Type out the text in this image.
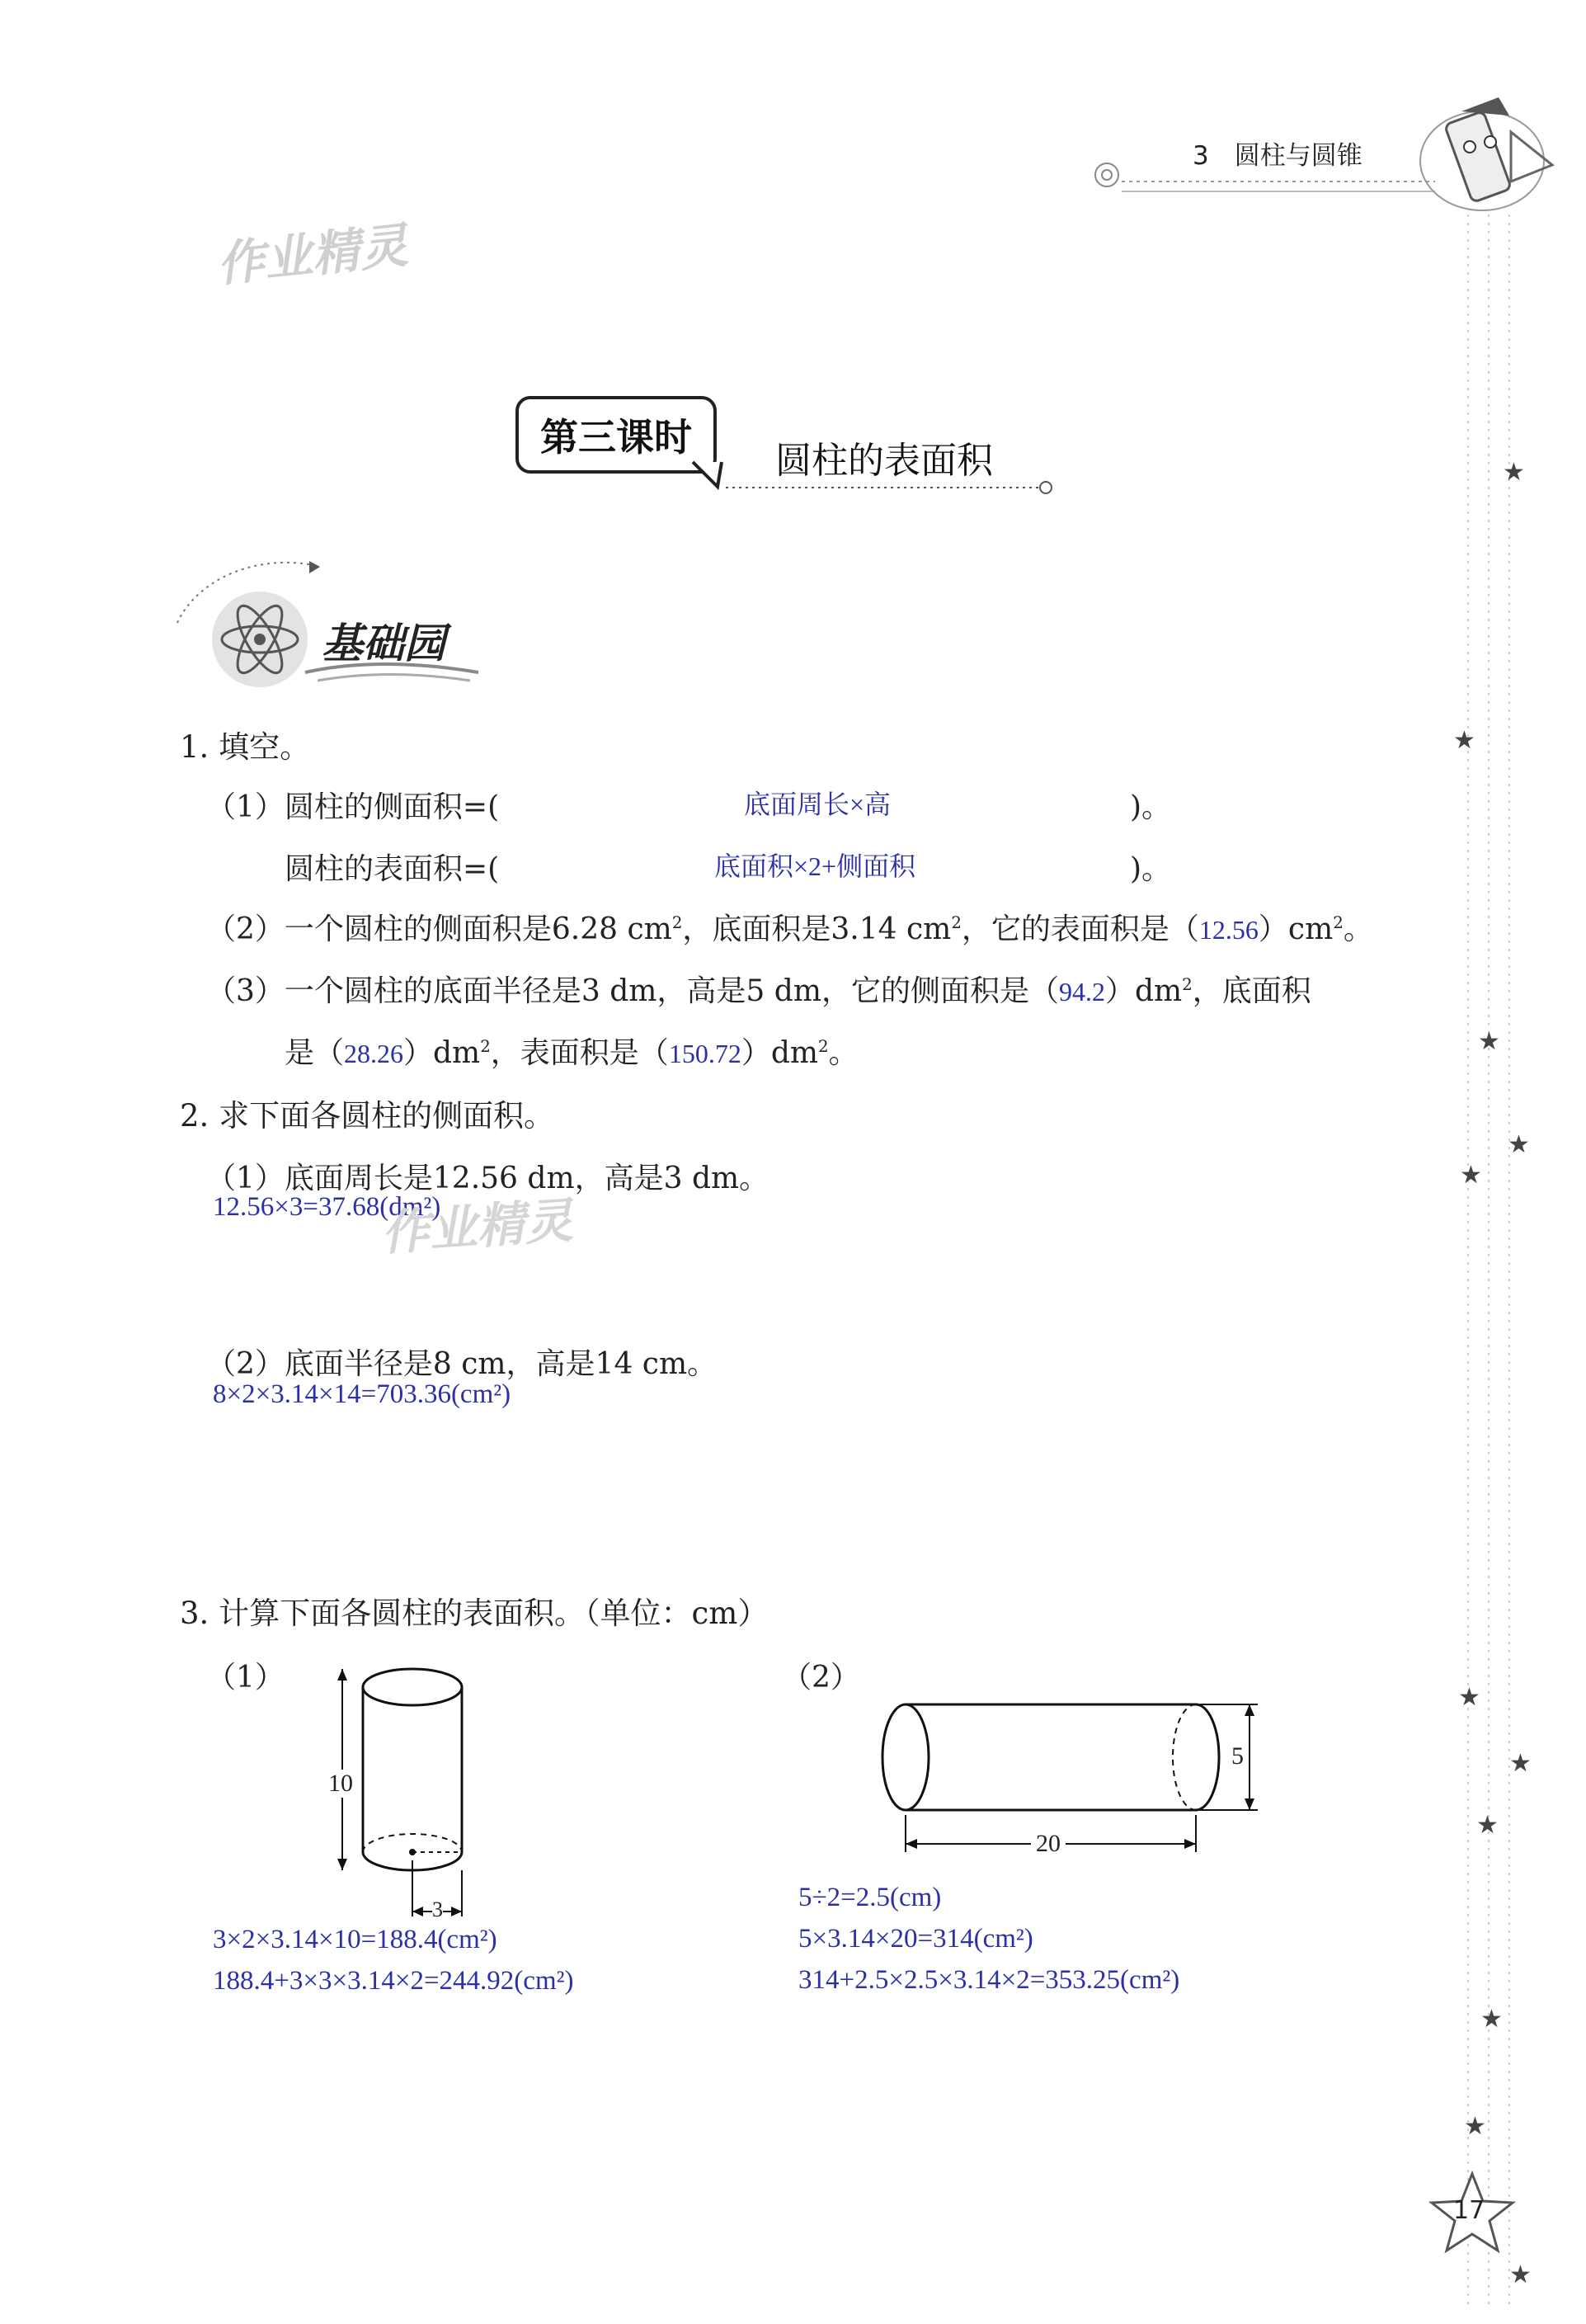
3　圆柱与圆锥
★
★
★
★
★
★
★
★
★
★
★
作业精灵
第三课时
圆柱的表面积
基础园
1. 填空。
（1）圆柱的侧面积=(	底面周长×高	)。
圆柱的表面积=(	底面积×2+侧面积	)。
（2）一个圆柱的侧面积是6.28 $cm^2$，底面积是3.14 $cm^2$，它的表面积是$(12.56)cm^2$。
（3）一个圆柱的底面半径是3 dm，高是5 dm，它的侧面积是$(94.2)dm^2$，底面积
是$(28.26)dm^2$，表面积是$(150.72)dm^2$。
2. 求下面各圆柱的侧面积。
（1）底面周长是12.56 dm，高是3 dm。
12.56×3=37.68(dm²)
作业精灵
（2）底面半径是8 cm，高是14 cm。
8×2×3.14×14=703.36(cm²)
3. 计算下面各圆柱的表面积。（单位：cm）
（1）	（2）
10
3
20
5
3×2×3.14×10=188.4(cm²)
188.4+3×3×3.14×2=244.92(cm²)
5÷2=2.5(cm)
5×3.14×20=314(cm²)
314+2.5×2.5×3.14×2=353.25(cm²)
17
